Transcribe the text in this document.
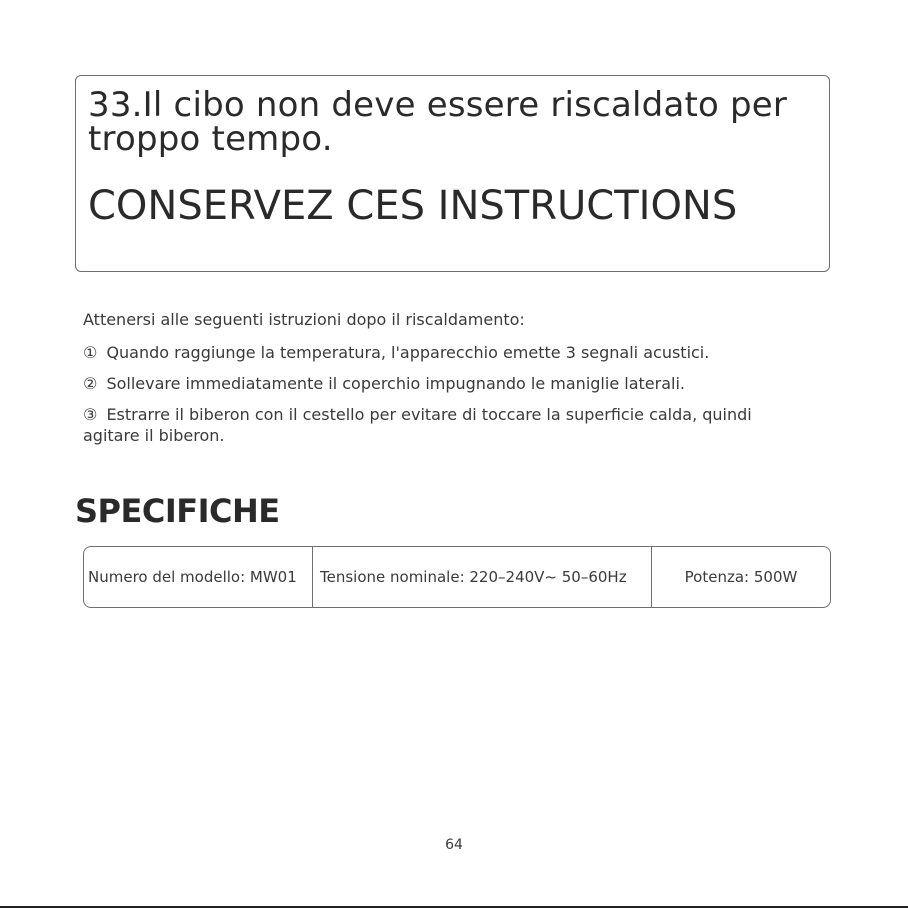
33.Il cibo non deve essere riscaldato per
troppo tempo.
CONSERVEZ CES INSTRUCTIONS

Attenersi alle seguenti istruzioni dopo il riscaldamento:

① Quando raggiunge la temperatura, l'apparecchio emette 3 segnali acustici.

② Sollevare immediatamente il coperchio impugnando le maniglie laterali.

③ Estrarre il biberon con il cestello per evitare di toccare la superficie calda, quindi agitare il biberon.

SPECIFICHE
Numero del modello: MW01	Tensione nominale: 220–240V~ 50–60Hz	Potenza: 500W
64
